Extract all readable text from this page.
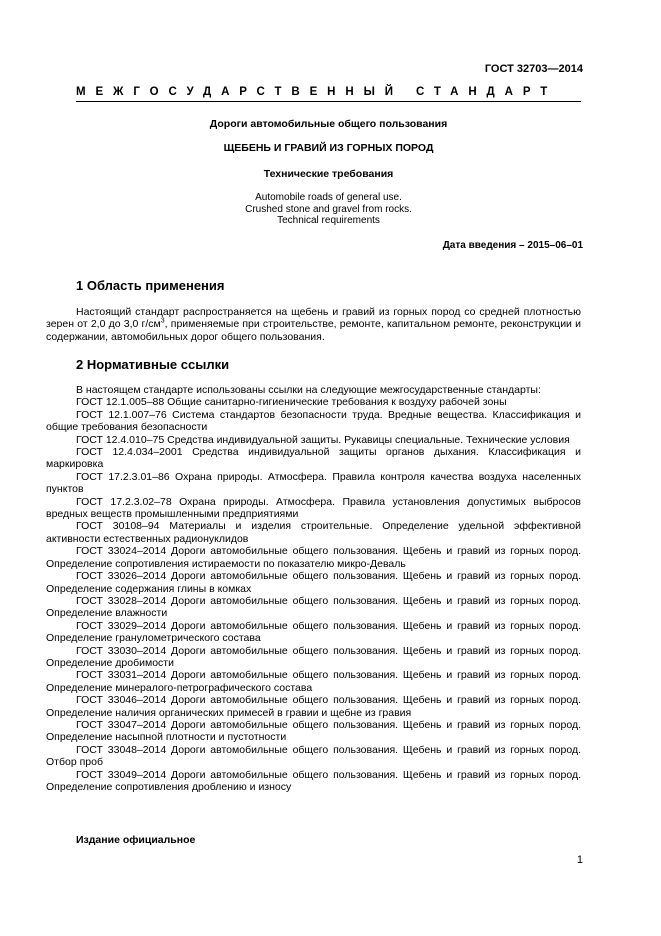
ГОСТ 32703—2014
МЕЖГОСУДАРСТВЕННЫЙ СТАНДАРТ
Дороги автомобильные общего пользования
ЩЕБЕНЬ И ГРАВИЙ ИЗ ГОРНЫХ ПОРОД
Технические требования
Automobile roads of general use.
Crushed stone and gravel from rocks.
Technical requirements
Дата введения – 2015–06–01
1 Область применения
Настоящий стандарт распространяется на щебень и гравий из горных пород со средней плотностью зерен от 2,0 до 3,0 $г/см^3$, применяемые при строительстве, ремонте, капитальном ремонте, реконструкции и содержании, автомобильных дорог общего пользования.
2 Нормативные ссылки

В настоящем стандарте использованы ссылки на следующие межгосударственные стандарты:

ГОСТ 12.1.005–88 Общие санитарно-гигиенические требования к воздуху рабочей зоны

ГОСТ 12.1.007–76 Система стандартов безопасности труда. Вредные вещества. Классификация и общие требования безопасности

ГОСТ 12.4.010–75 Средства индивидуальной защиты. Рукавицы специальные. Технические условия

ГОСТ 12.4.034–2001 Средства индивидуальной защиты органов дыхания. Классификация и маркировка

ГОСТ 17.2.3.01–86 Охрана природы. Атмосфера. Правила контроля качества воздуха населенных пунктов

ГОСТ 17.2.3.02–78 Охрана природы. Атмосфера. Правила установления допустимых выбросов вредных веществ промышленными предприятиями

ГОСТ 30108–94 Материалы и изделия строительные. Определение удельной эффективной активности естественных радионуклидов

ГОСТ 33024–2014 Дороги автомобильные общего пользования. Щебень и гравий из горных пород. Определение сопротивления истираемости по показателю микро-Деваль

ГОСТ 33026–2014 Дороги автомобильные общего пользования. Щебень и гравий из горных пород. Определение содержания глины в комках

ГОСТ 33028–2014 Дороги автомобильные общего пользования. Щебень и гравий из горных пород. Определение влажности

ГОСТ 33029–2014 Дороги автомобильные общего пользования. Щебень и гравий из горных пород. Определение гранулометрического состава

ГОСТ 33030–2014 Дороги автомобильные общего пользования. Щебень и гравий из горных пород. Определение дробимости

ГОСТ 33031–2014 Дороги автомобильные общего пользования. Щебень и гравий из горных пород. Определение минералого-петрографического состава

ГОСТ 33046–2014 Дороги автомобильные общего пользования. Щебень и гравий из горных пород. Определение наличия органических примесей в гравии и щебне из гравия

ГОСТ 33047–2014 Дороги автомобильные общего пользования. Щебень и гравий из горных пород. Определение насыпной плотности и пустотности

ГОСТ 33048–2014 Дороги автомобильные общего пользования. Щебень и гравий из горных пород. Отбор проб

ГОСТ 33049–2014 Дороги автомобильные общего пользования. Щебень и гравий из горных пород. Определение сопротивления дроблению и износу

Издание официальное
1
